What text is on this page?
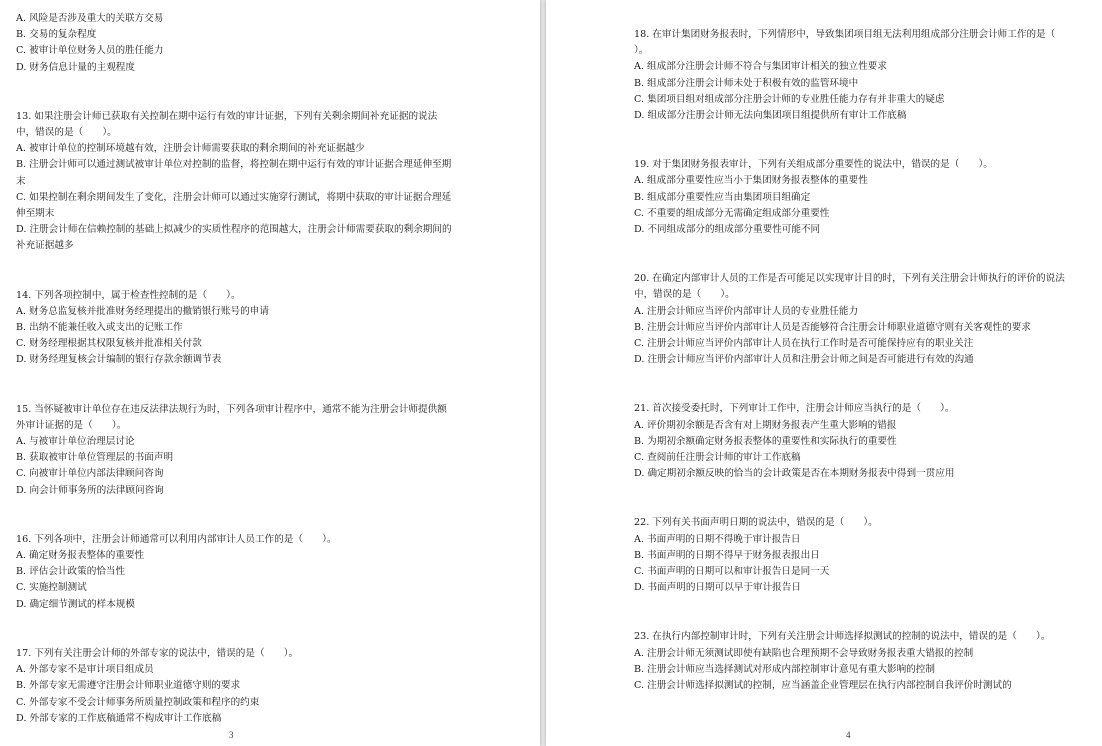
A. 风险是否涉及重大的关联方交易
B. 交易的复杂程度
C. 被审计单位财务人员的胜任能力
D. 财务信息计量的主观程度
13. 如果注册会计师已获取有关控制在期中运行有效的审计证据，下列有关剩余期间补充证据的说法中，错误的是（　　）。
A. 被审计单位的控制环境越有效，注册会计师需要获取的剩余期间的补充证据越少
B. 注册会计师可以通过测试被审计单位对控制的监督，将控制在期中运行有效的审计证据合理延伸至期末
C. 如果控制在剩余期间发生了变化，注册会计师可以通过实施穿行测试，将期中获取的审计证据合理延伸至期末
D. 注册会计师在信赖控制的基础上拟减少的实质性程序的范围越大，注册会计师需要获取的剩余期间的补充证据越多
14. 下列各项控制中，属于检查性控制的是（　　）。
A. 财务总监复核并批准财务经理提出的撤销银行账号的申请
B. 出纳不能兼任收入或支出的记账工作
C. 财务经理根据其权限复核并批准相关付款
D. 财务经理复核会计编制的银行存款余额调节表
15. 当怀疑被审计单位存在违反法律法规行为时，下列各项审计程序中，通常不能为注册会计师提供额外审计证据的是（　　）。
A. 与被审计单位治理层讨论
B. 获取被审计单位管理层的书面声明
C. 向被审计单位内部法律顾问咨询
D. 向会计师事务所的法律顾问咨询
16. 下列各项中，注册会计师通常可以利用内部审计人员工作的是（　　）。
A. 确定财务报表整体的重要性
B. 评估会计政策的恰当性
C. 实施控制测试
D. 确定细节测试的样本规模
17. 下列有关注册会计师的外部专家的说法中，错误的是（　　）。
A. 外部专家不是审计项目组成员
B. 外部专家无需遵守注册会计师职业道德守则的要求
C. 外部专家不受会计师事务所质量控制政策和程序的约束
D. 外部专家的工作底稿通常不构成审计工作底稿
3
18. 在审计集团财务报表时，下列情形中，导致集团项目组无法利用组成部分注册会计师工作的是（　　）。
A. 组成部分注册会计师不符合与集团审计相关的独立性要求
B. 组成部分注册会计师未处于积极有效的监管环境中
C. 集团项目组对组成部分注册会计师的专业胜任能力存有并非重大的疑虑
D. 组成部分注册会计师无法向集团项目组提供所有审计工作底稿
19. 对于集团财务报表审计，下列有关组成部分重要性的说法中，错误的是（　　）。
A. 组成部分重要性应当小于集团财务报表整体的重要性
B. 组成部分重要性应当由集团项目组确定
C. 不重要的组成部分无需确定组成部分重要性
D. 不同组成部分的组成部分重要性可能不同
20. 在确定内部审计人员的工作是否可能足以实现审计目的时，下列有关注册会计师执行的评价的说法中，错误的是（　　）。
A. 注册会计师应当评价内部审计人员的专业胜任能力
B. 注册会计师应当评价内部审计人员是否能够符合注册会计师职业道德守则有关客观性的要求
C. 注册会计师应当评价内部审计人员在执行工作时是否可能保持应有的职业关注
D. 注册会计师应当评价内部审计人员和注册会计师之间是否可能进行有效的沟通
21. 首次接受委托时，下列审计工作中，注册会计师应当执行的是（　　）。
A. 评价期初余额是否含有对上期财务报表产生重大影响的错报
B. 为期初余额确定财务报表整体的重要性和实际执行的重要性
C. 查阅前任注册会计师的审计工作底稿
D. 确定期初余额反映的恰当的会计政策是否在本期财务报表中得到一贯应用
22. 下列有关书面声明日期的说法中，错误的是（　　）。
A. 书面声明的日期不得晚于审计报告日
B. 书面声明的日期不得早于财务报表报出日
C. 书面声明的日期可以和审计报告日是同一天
D. 书面声明的日期可以早于审计报告日
23. 在执行内部控制审计时，下列有关注册会计师选择拟测试的控制的说法中，错误的是（　　）。
A. 注册会计师无须测试即使有缺陷也合理预期不会导致财务报表重大错报的控制
B. 注册会计师应当选择测试对形成内部控制审计意见有重大影响的控制
C. 注册会计师选择拟测试的控制，应当涵盖企业管理层在执行内部控制自我评价时测试的
4
